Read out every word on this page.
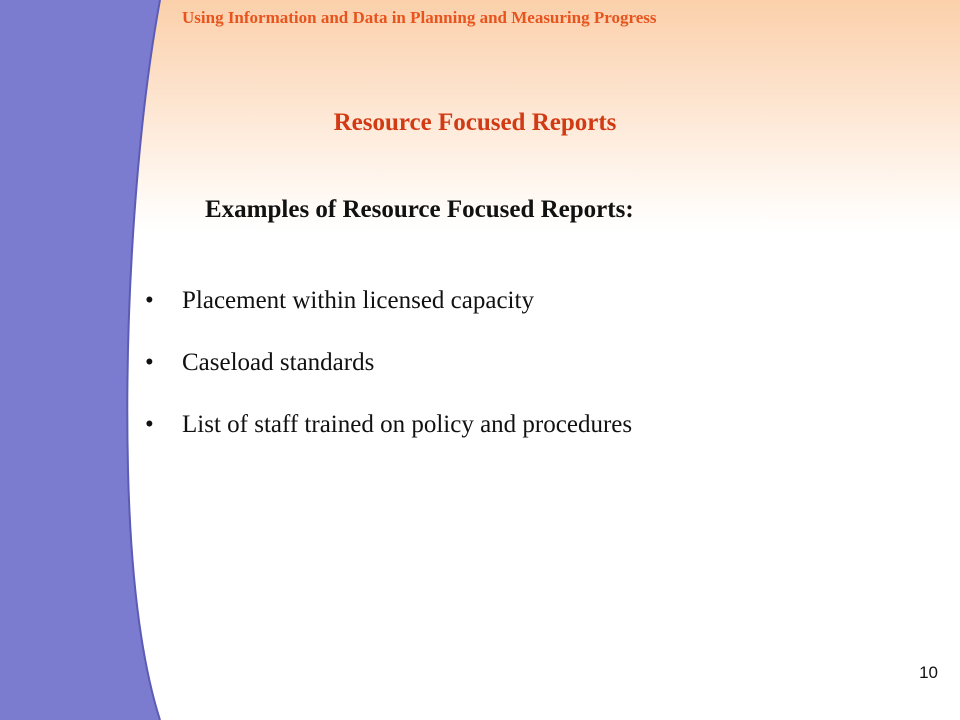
Using Information and Data in Planning and Measuring Progress
Resource Focused Reports
Examples of Resource Focused Reports:
• Placement within licensed capacity
• Caseload standards
• List of staff trained on policy and procedures
10
